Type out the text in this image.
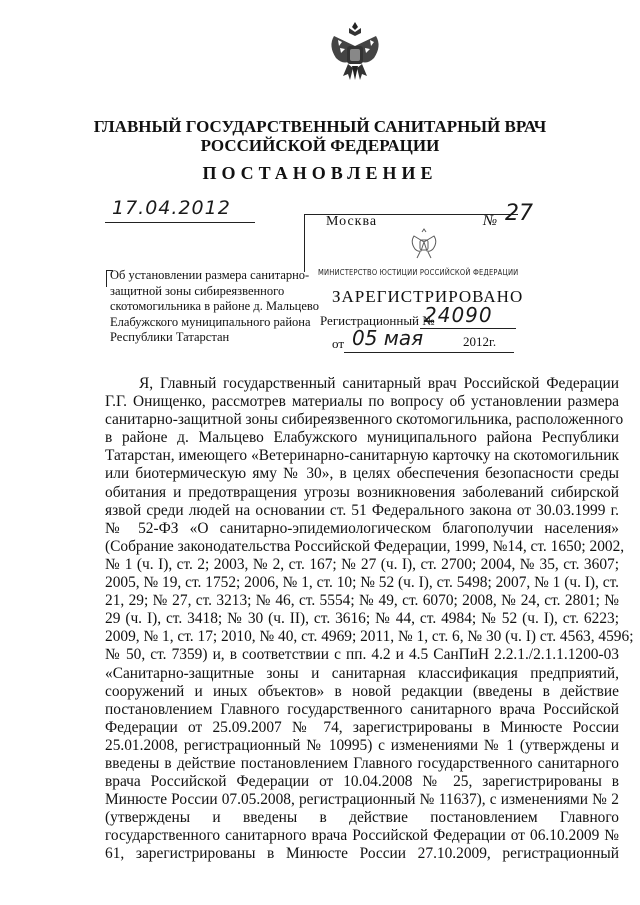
ГЛАВНЫЙ ГОСУДАРСТВЕННЫЙ САНИТАРНЫЙ ВРАЧ
РОССИЙСКОЙ ФЕДЕРАЦИИ
ПОСТАНОВЛЕНИЕ
17.04.2012
Москва	№ 27
МИНИСТЕРСТВО ЮСТИЦИИ РОССИЙСКОЙ ФЕДЕРАЦИИ
ЗАРЕГИСТРИРОВАНО
Регистрационный №
24090
от 05 мая	2012г.
Об установлении размера санитарно-
защитной зоны сибиреязвенного
скотомогильника в районе д. Мальцево
Елабужского муниципального района
Республики Татарстан
Я, Главный государственный санитарный врач Российской Федерации
Г.Г. Онищенко, рассмотрев материалы по вопросу об установлении размера
санитарно-защитной зоны сибиреязвенного скотомогильника, расположенного
в районе д. Мальцево Елабужского муниципального района Республики
Татарстан, имеющего «Ветеринарно-санитарную карточку на скотомогильник
или биотермическую яму № 30», в целях обеспечения безопасности среды
обитания и предотвращения угрозы возникновения заболеваний сибирской
язвой среди людей на основании ст. 51 Федерального закона от 30.03.1999 г.
№ 52-ФЗ «О санитарно-эпидемиологическом благополучии населения»
(Собрание законодательства Российской Федерации, 1999, №14, ст. 1650; 2002,
№ 1 (ч. I), ст. 2; 2003, № 2, ст. 167; № 27 (ч. I), ст. 2700; 2004, № 35, ст. 3607;
2005, № 19, ст. 1752; 2006, № 1, ст. 10; № 52 (ч. I), ст. 5498; 2007, № 1 (ч. I), ст.
21, 29; № 27, ст. 3213; № 46, ст. 5554; № 49, ст. 6070; 2008, № 24, ст. 2801; №
29 (ч. I), ст. 3418; № 30 (ч. II), ст. 3616; № 44, ст. 4984; № 52 (ч. I), ст. 6223;
2009, № 1, ст. 17; 2010, № 40, ст. 4969; 2011, № 1, ст. 6, № 30 (ч. I) ст. 4563, 4596;
№ 50, ст. 7359) и, в соответствии с пп. 4.2 и 4.5 СанПиН 2.2.1./2.1.1.1200-03
«Санитарно-защитные зоны и санитарная классификация предприятий,
сооружений и иных объектов» в новой редакции (введены в действие
постановлением Главного государственного санитарного врача Российской
Федерации от 25.09.2007 № 74, зарегистрированы в Минюсте России
25.01.2008, регистрационный № 10995) с изменениями № 1 (утверждены и
введены в действие постановлением Главного государственного санитарного
врача Российской Федерации от 10.04.2008 № 25, зарегистрированы в
Минюсте России 07.05.2008, регистрационный № 11637), с изменениями № 2
(утверждены и введены в действие постановлением Главного
государственного санитарного врача Российской Федерации от 06.10.2009 №
61, зарегистрированы в Минюсте России 27.10.2009, регистрационный
